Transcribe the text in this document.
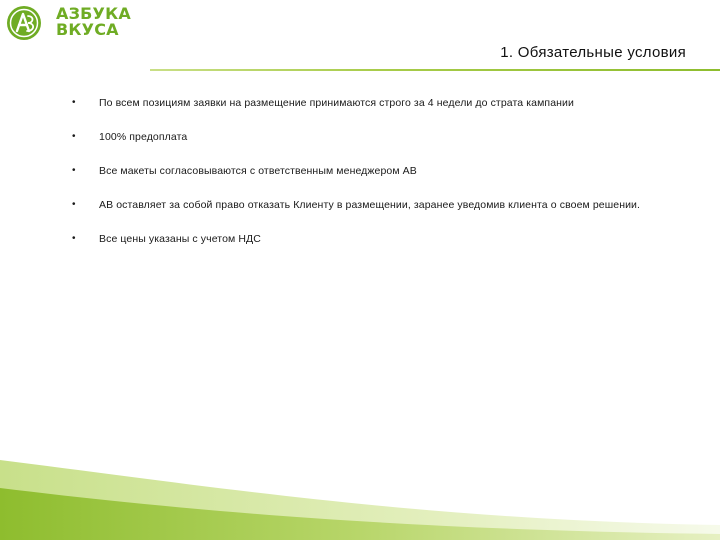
АЗБУКА
ВКУСА
1. Обязательные условия
• По всем позициям заявки на размещение принимаются строго за 4 недели до страта кампании
• 100% предоплата
• Все макеты согласовываются с ответственным менеджером АВ
• АВ оставляет за собой право отказать Клиенту в размещении, заранее уведомив клиента о своем решении.
• Все цены указаны с учетом НДС
